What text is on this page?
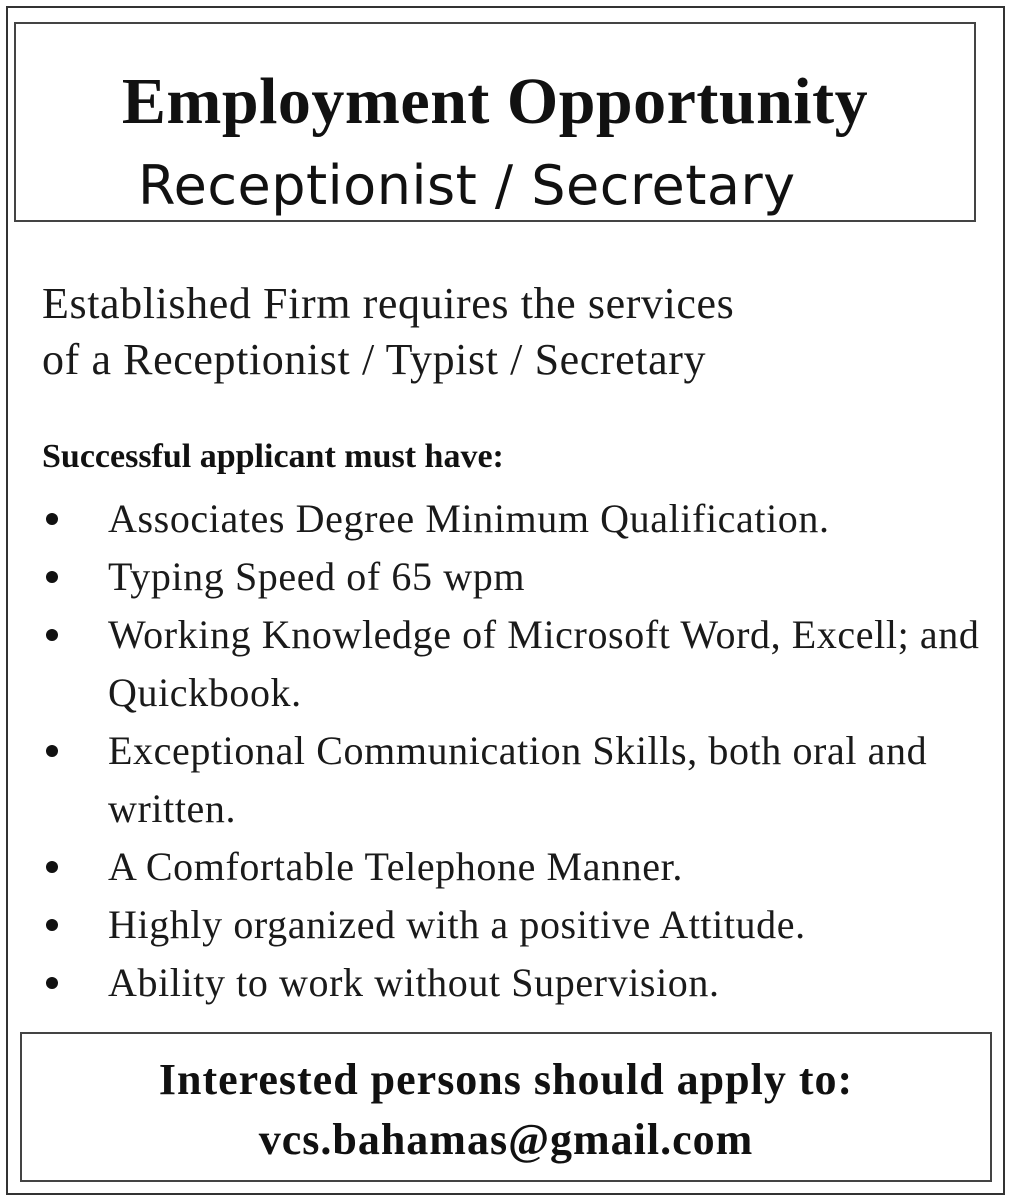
Employment Opportunity
Receptionist / Secretary
Established Firm requires the services
of a Receptionist / Typist / Secretary
Successful applicant must have:
Associates Degree Minimum Qualification.
Typing Speed of 65 wpm
Working Knowledge of Microsoft Word, Excell; and Quickbook.
Exceptional Communication Skills, both oral and written.
A Comfortable Telephone Manner.
Highly organized with a positive Attitude.
Ability to work without Supervision.
Interested persons should apply to:
vcs.bahamas@gmail.com
